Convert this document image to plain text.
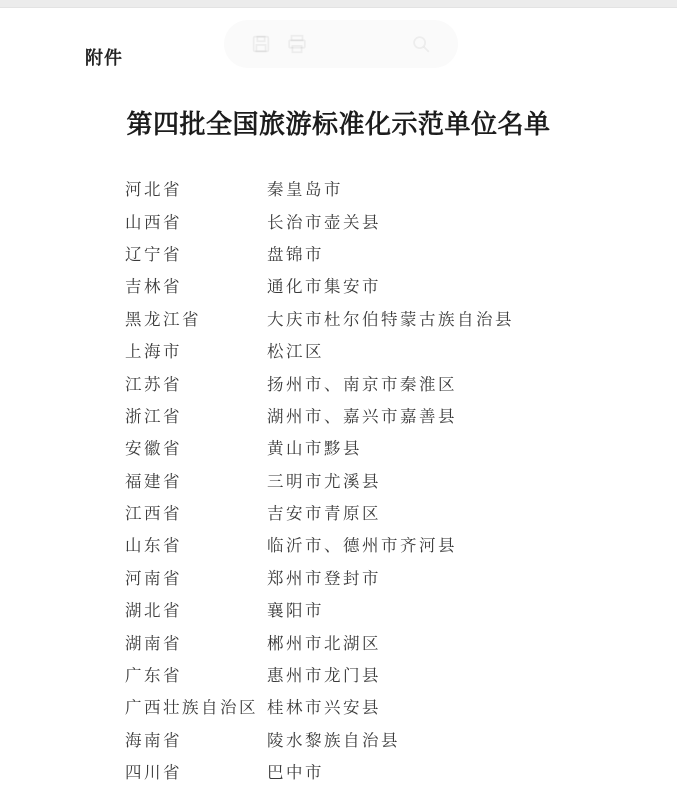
附件
第四批全国旅游标准化示范单位名单
河北省	秦皇岛市
山西省	长治市壶关县
辽宁省	盘锦市
吉林省	通化市集安市
黑龙江省	大庆市杜尔伯特蒙古族自治县
上海市	松江区
江苏省	扬州市、南京市秦淮区
浙江省	湖州市、嘉兴市嘉善县
安徽省	黄山市黟县
福建省	三明市尤溪县
江西省	吉安市青原区
山东省	临沂市、德州市齐河县
河南省	郑州市登封市
湖北省	襄阳市
湖南省	郴州市北湖区
广东省	惠州市龙门县
广西壮族自治区 桂林市兴安县
海南省	陵水黎族自治县
四川省	巴中市
